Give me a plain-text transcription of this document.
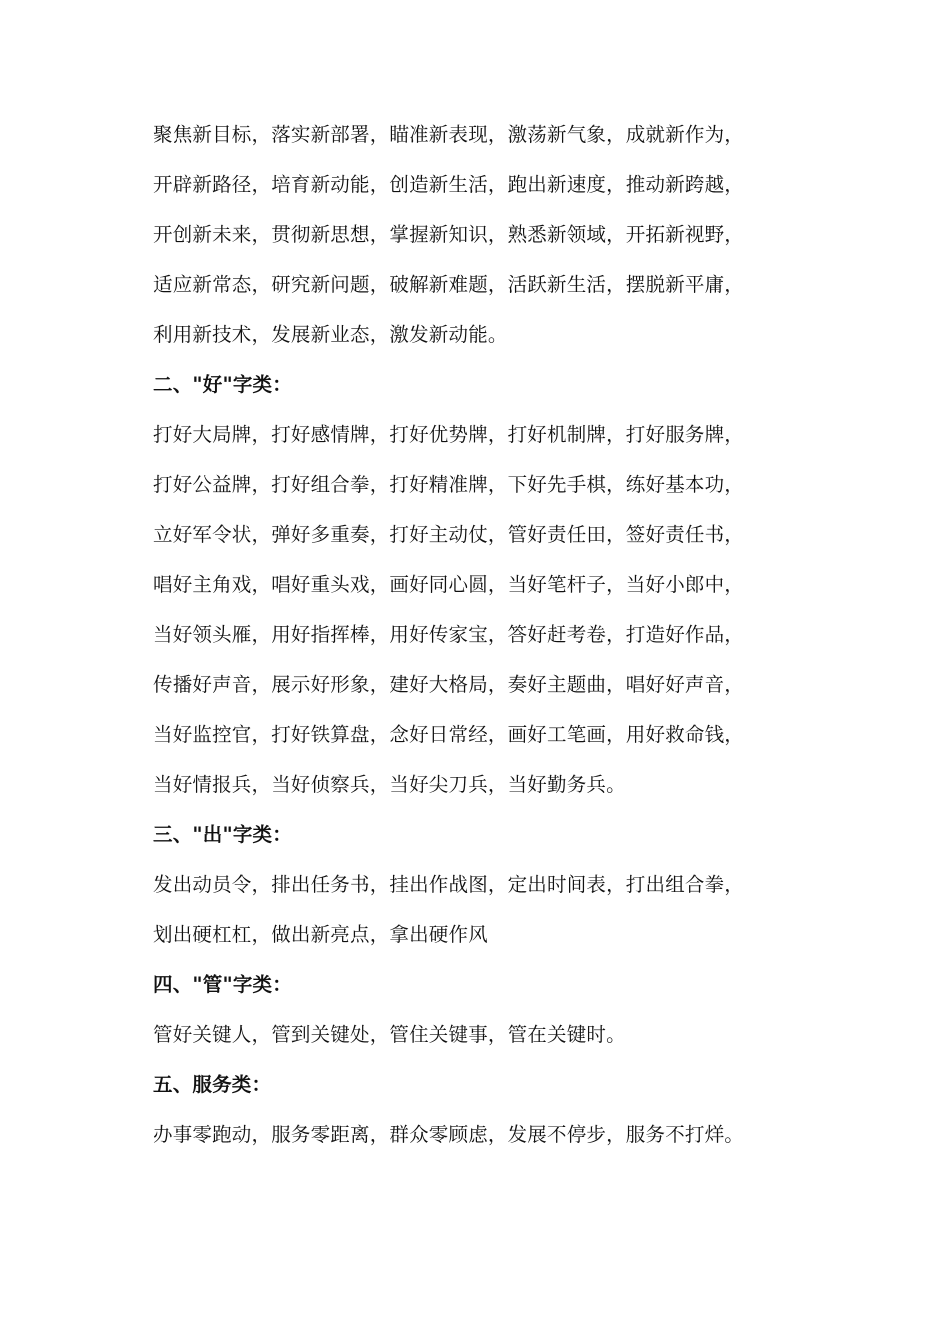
聚焦新目标，落实新部署，瞄准新表现，激荡新气象，成就新作为，
开辟新路径，培育新动能，创造新生活，跑出新速度，推动新跨越，
开创新未来，贯彻新思想，掌握新知识，熟悉新领域，开拓新视野，
适应新常态，研究新问题，破解新难题，活跃新生活，摆脱新平庸，
利用新技术，发展新业态，激发新动能。
二、"好"字类：
打好大局牌，打好感情牌，打好优势牌，打好机制牌，打好服务牌，
打好公益牌，打好组合拳，打好精准牌，下好先手棋，练好基本功，
立好军令状，弹好多重奏，打好主动仗，管好责任田，签好责任书，
唱好主角戏，唱好重头戏，画好同心圆，当好笔杆子，当好小郎中，
当好领头雁，用好指挥棒，用好传家宝，答好赶考卷，打造好作品，
传播好声音，展示好形象，建好大格局，奏好主题曲，唱好好声音，
当好监控官，打好铁算盘，念好日常经，画好工笔画，用好救命钱，
当好情报兵，当好侦察兵，当好尖刀兵，当好勤务兵。
三、"出"字类：
发出动员令，排出任务书，挂出作战图，定出时间表，打出组合拳，
划出硬杠杠，做出新亮点，拿出硬作风
四、"管"字类：
管好关键人，管到关键处，管住关键事，管在关键时。
五、服务类：
办事零跑动，服务零距离，群众零顾虑，发展不停步，服务不打烊。
